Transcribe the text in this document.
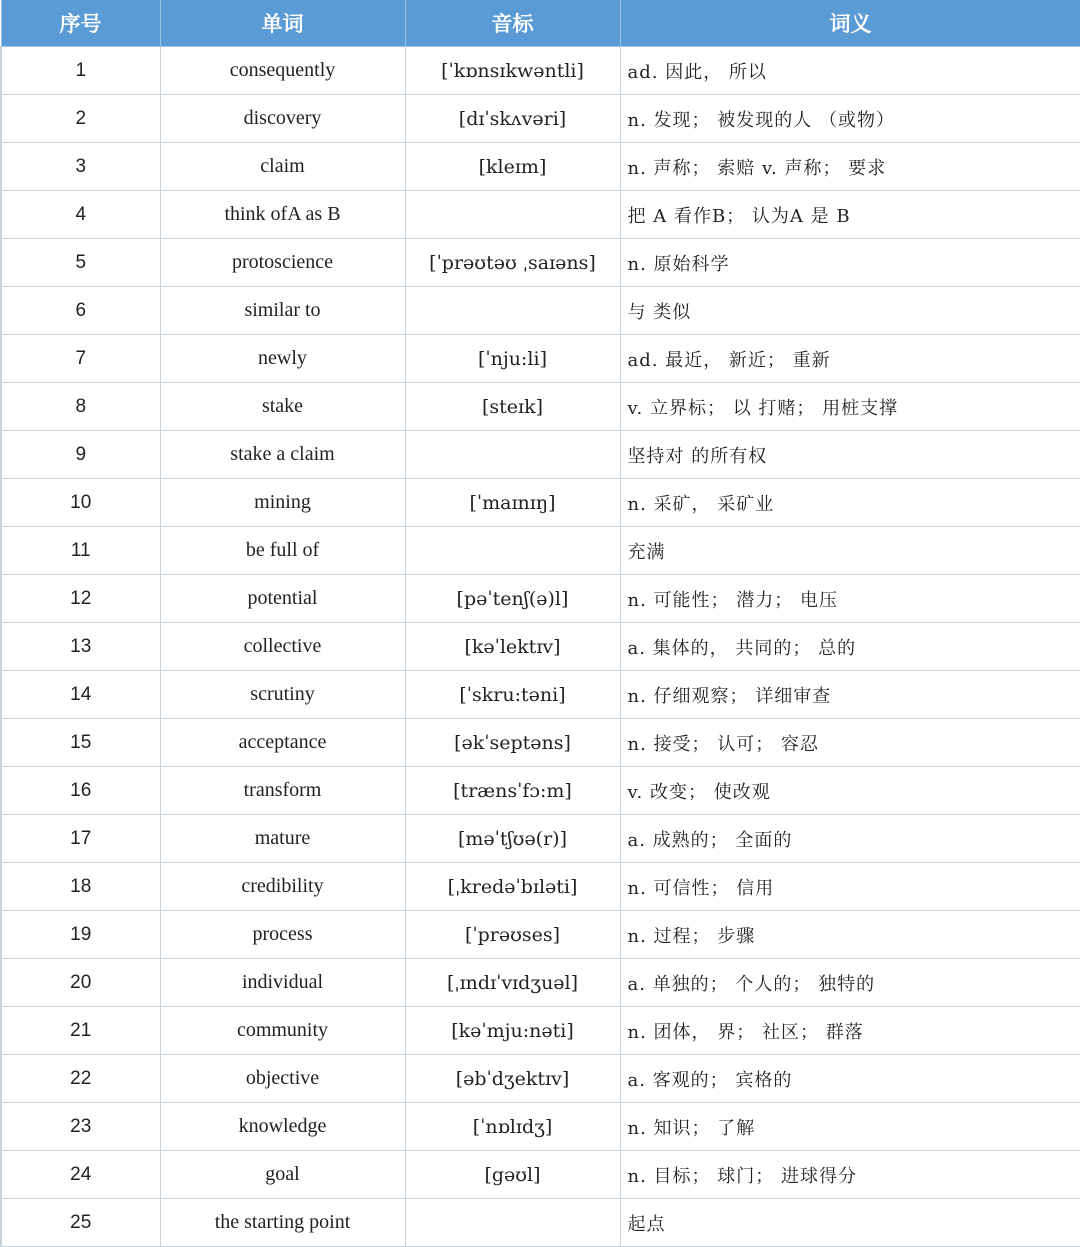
序号	单词	音标	词义
1	consequently	[ˈkɒnsɪkwəntli]	ad. 因此， 所以
2	discovery	[dɪˈskʌvəri]	n. 发现； 被发现的人 （或物）
3	claim	[kleɪm]	n. 声称； 索赔 v. 声称； 要求
4	think ofA as B		把 A 看作B； 认为A 是 B
5	protoscience	[ˈprəʊtəʊ ˌsaɪəns]	n. 原始科学
6	similar to		与 类似
7	newly	[ˈnju:li]	ad. 最近， 新近； 重新
8	stake	[steɪk]	v. 立界标； 以 打赌； 用桩支撑
9	stake a claim		坚持对 的所有权
10	mining	[ˈmaɪnɪŋ]	n. 采矿， 采矿业
11	be full of		充满
12	potential	[pəˈtenʃ(ə)l]	n. 可能性； 潜力； 电压
13	collective	[kəˈlektɪv]	a. 集体的， 共同的； 总的
14	scrutiny	[ˈskru:təni]	n. 仔细观察； 详细审查
15	acceptance	[əkˈseptəns]	n. 接受； 认可； 容忍
16	transform	[trænsˈfɔ:m]	v. 改变； 使改观
17	mature	[məˈtʃʊə(r)]	a. 成熟的； 全面的
18	credibility	[ˌkredəˈbɪləti]	n. 可信性； 信用
19	process	[ˈprəʊses]	n. 过程； 步骤
20	individual	[ˌɪndɪˈvɪdʒuəl]	a. 单独的； 个人的； 独特的
21	community	[kəˈmju:nəti]	n. 团体， 界； 社区； 群落
22	objective	[əbˈdʒektɪv]	a. 客观的； 宾格的
23	knowledge	[ˈnɒlɪdʒ]	n. 知识； 了解
24	goal	[gəʊl]	n. 目标； 球门； 进球得分
25	the starting point		起点
